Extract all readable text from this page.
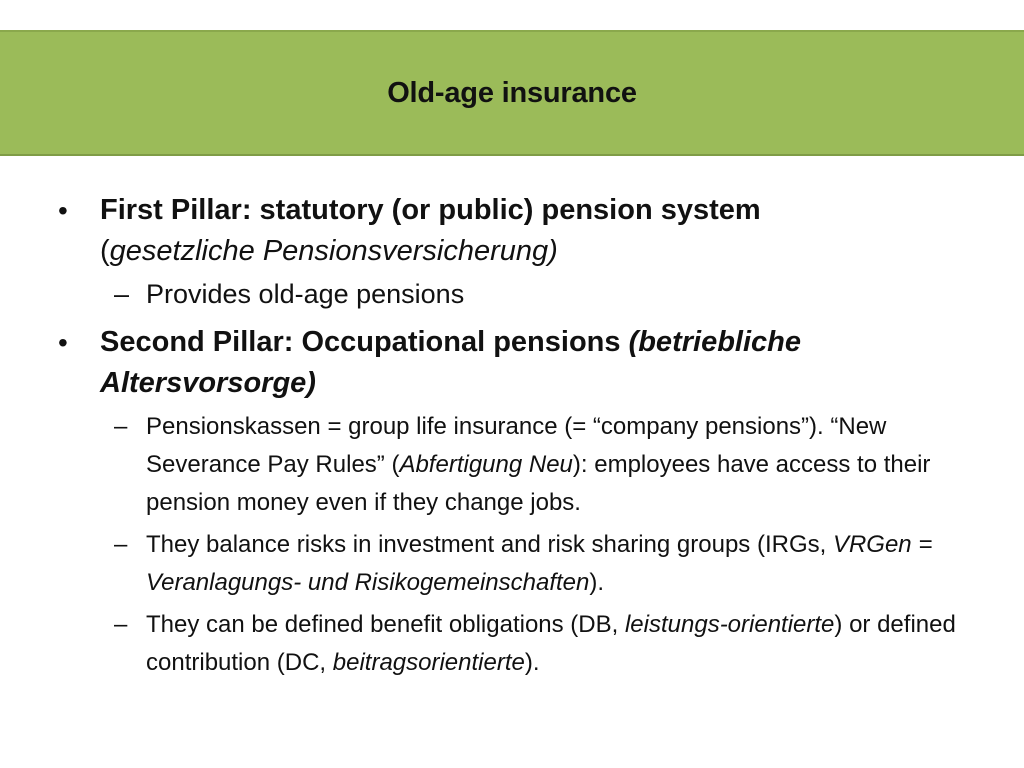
Old-age insurance
• First Pillar: statutory (or public) pension system
(gesetzliche Pensionsversicherung)
– Provides old-age pensions
• Second Pillar: Occupational pensions (betriebliche Altersvorsorge)
– Pensionskassen = group life insurance (= “company pensions”). “New Severance Pay Rules” (Abfertigung Neu): employees have access to their pension money even if they change jobs.
– They balance risks in investment and risk sharing groups (IRGs, VRGen = Veranlagungs- und Risikogemeinschaften).
– They can be defined benefit obligations (DB, leistungs-orientierte) or defined contribution (DC, beitragsorientierte).
